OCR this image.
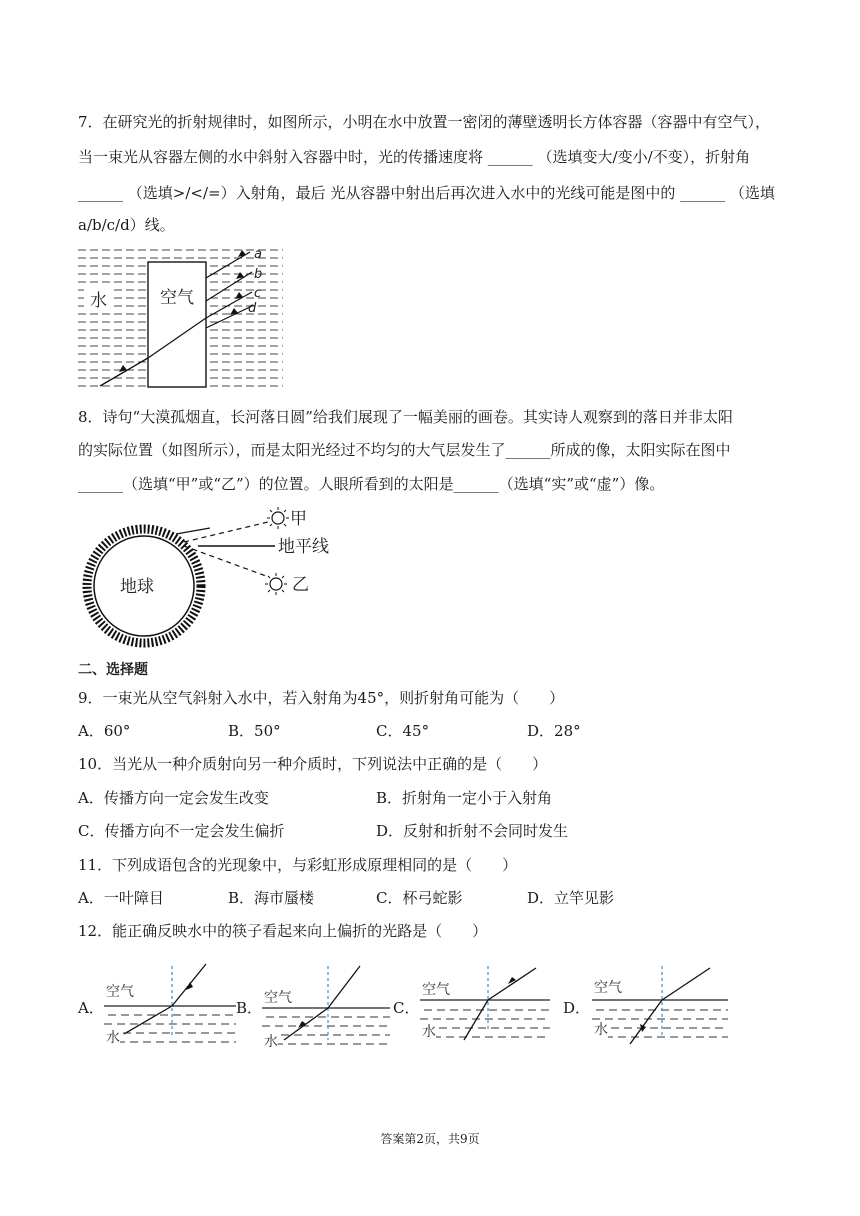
7．在研究光的折射规律时，如图所示，小明在水中放置一密闭的薄壁透明长方体容器（容器中有空气），
当一束光从容器左侧的水中斜射入容器中时，光的传播速度将 ______ （选填变大/变小/不变），折射角
______ （选填>/</=）入射角，最后 光从容器中射出后再次进入水中的光线可能是图中的 ______ （选填
a/b/c/d）线。
水	空气
a
b
c
d
8．诗句“大漠孤烟直，长河落日圆”给我们展现了一幅美丽的画卷。其实诗人观察到的落日并非太阳
的实际位置（如图所示），而是太阳光经过不均匀的大气层发生了______所成的像，太阳实际在图中
______（选填“甲”或“乙”）的位置。人眼所看到的太阳是______（选填“实”或“虚”）像。
地球
地平线
甲
乙
二、选择题
9．一束光从空气斜射入水中，若入射角为45°，则折射角可能为（　　）
A．60°	B．50°	C．45°	D．28°
10．当光从一种介质射向另一种介质时，下列说法中正确的是（　　）
A．传播方向一定会发生改变	B．折射角一定小于入射角
C．传播方向不一定会发生偏折	D．反射和折射不会同时发生
11．下列成语包含的光现象中，与彩虹形成原理相同的是（　　）
A．一叶障目	B．海市蜃楼	C．杯弓蛇影	D．立竿见影
12．能正确反映水中的筷子看起来向上偏折的光路是（　　）
A．
空气
水
B．
空气
水
C．
空气
水
D．
空气
水
答案第2页，共9页
